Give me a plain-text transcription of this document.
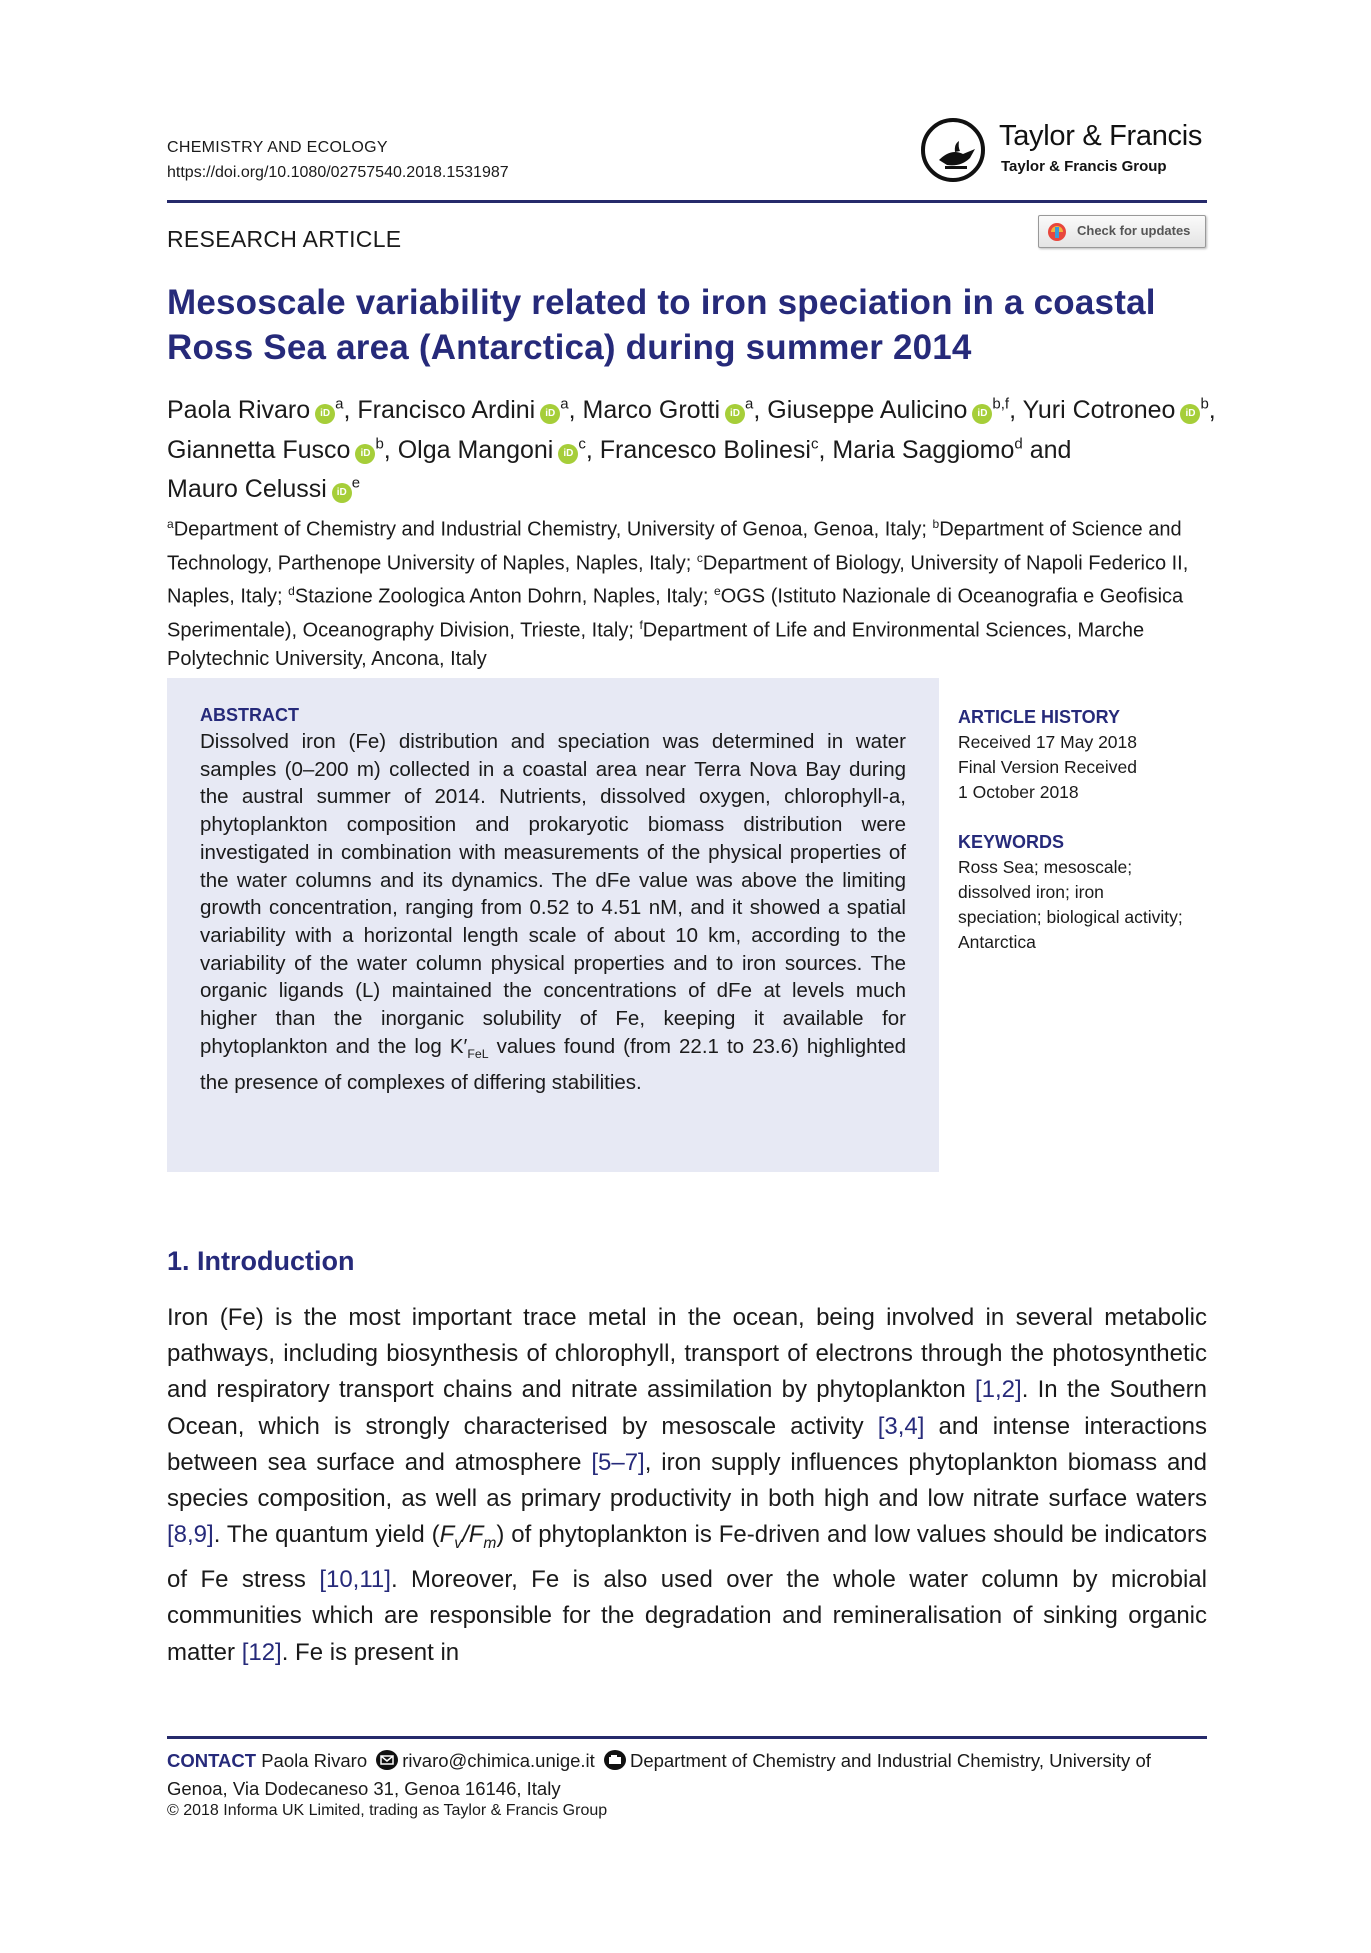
CHEMISTRY AND ECOLOGY
https://doi.org/10.1080/02757540.2018.1531987
Taylor & Francis
Taylor & Francis Group
RESEARCH ARTICLE	Check for updates
Mesoscale variability related to iron speciation in a coastal Ross Sea area (Antarctica) during summer 2014
Paola Rivaro $iD^a$, Francisco Ardini $iD^a$, Marco Grotti $iD^a$, Giuseppe Aulicino iD$^{b,f}$, Yuri Cotroneo $iD^b$, Giannetta Fusco $iD^b$, Olga Mangoni $iD^c$, Francesco Bolinesi$^c$, Maria Saggiomo$^d$ and Mauro Celussi $iD^e$
$^a$Department of Chemistry and Industrial Chemistry, University of Genoa, Genoa, Italy; $^b$Department of Science and Technology, Parthenope University of Naples, Naples, Italy; $^c$Department of Biology, University of Napoli Federico II, Naples, Italy; $^d$Stazione Zoologica Anton Dohrn, Naples, Italy; $^e$OGS (Istituto Nazionale di Oceanografia e Geofisica Sperimentale), Oceanography Division, Trieste, Italy; $^f$Department of Life and Environmental Sciences, Marche Polytechnic University, Ancona, Italy
ABSTRACT
Dissolved iron (Fe) distribution and speciation was determined in water samples (0–200 m) collected in a coastal area near Terra Nova Bay during the austral summer of 2014. Nutrients, dissolved oxygen, chlorophyll-a, phytoplankton composition and prokaryotic biomass distribution were investigated in combination with measurements of the physical properties of the water columns and its dynamics. The dFe value was above the limiting growth concentration, ranging from 0.52 to 4.51 nM, and it showed a spatial variability with a horizontal length scale of about 10 km, according to the variability of the water column physical properties and to iron sources. The organic ligands (L) maintained the concentrations of dFe at levels much higher than the inorganic solubility of Fe, keeping it available for phytoplankton and the $\log K'_{FeL}$ values found (from 22.1 to 23.6) highlighted the presence of complexes of differing stabilities.
ARTICLE HISTORY
Received 17 May 2018
Final Version Received
1 October 2018
KEYWORDS
Ross Sea; mesoscale;
dissolved iron; iron
speciation; biological activity;
Antarctica
1. Introduction
Iron (Fe) is the most important trace metal in the ocean, being involved in several metabolic pathways, including biosynthesis of chlorophyll, transport of electrons through the photosynthetic and respiratory transport chains and nitrate assimilation by phytoplankton [1,2]. In the Southern Ocean, which is strongly characterised by mesoscale activity [3,4] and intense interactions between sea surface and atmosphere [5–7], iron supply influences phytoplankton biomass and species composition, as well as primary productivity in both high and low nitrate surface waters [8,9]. The quantum yield $(F_v/F_m)$ of phytoplankton is Fe-driven and low values should be indicators of Fe stress [10,11]. Moreover, Fe is also used over the whole water column by microbial communities which are responsible for the degradation and remineralisation of sinking organic matter [12]. Fe is present in
CONTACT Paola Rivaro rivaro@chimica.unige.it Department of Chemistry and Industrial Chemistry, University of Genoa, Via Dodecaneso 31, Genoa 16146, Italy
© 2018 Informa UK Limited, trading as Taylor & Francis Group
